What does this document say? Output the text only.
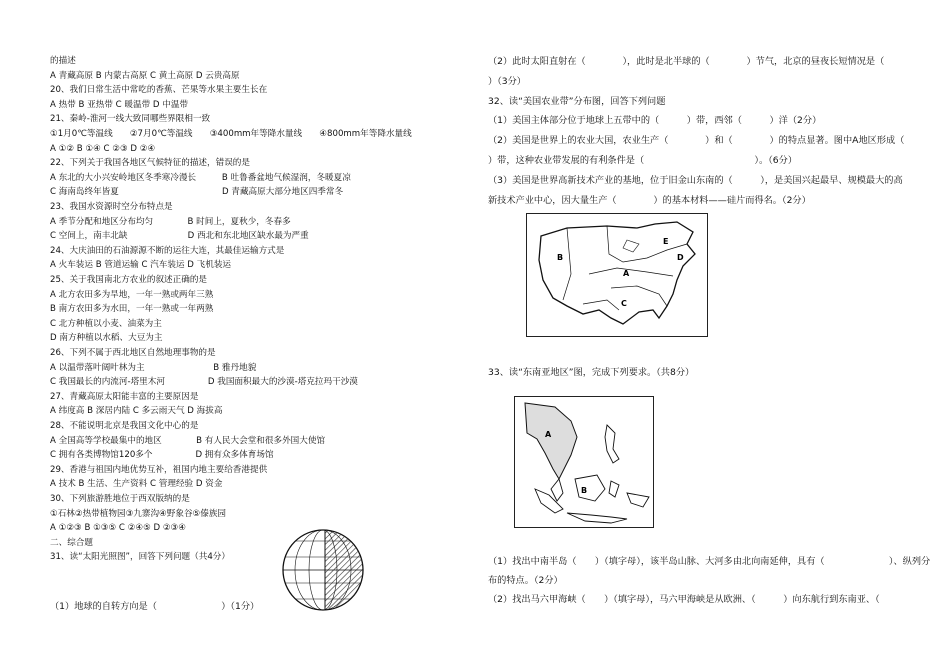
的描述
A 青藏高原 B 内蒙古高原 C 黄土高原 D 云贵高原
20、我们日常生活中常吃的香蕉、芒果等水果主要生长在
A 热带 B 亚热带 C 暖温带 D 中温带
21、秦岭-淮河一线大致同哪些界限相一致
①1月0℃等温线　　②7月0℃等温线　　③400mm年等降水量线　　④800mm年等降水量线
A ①② B ①④ C ②③ D ②④
22、下列关于我国各地区气候特征的描述，错误的是
A 东北的大小兴安岭地区冬季寒冷漫长　　　B 吐鲁番盆地气候湿润，冬暖夏凉
C 海南岛终年皆夏　　　　　　　　　　　　D 青藏高原大部分地区四季常冬
23、我国水资源时空分布特点是
A 季节分配和地区分布均匀　　　　B 时间上，夏秋少，冬春多
C 空间上，南丰北缺　　　　　　　D 西北和东北地区缺水最为严重
24、大庆油田的石油源源不断的运往大连，其最佳运输方式是
A 火车装运 B 管道运输 C 汽车装运 D 飞机装运
25、关于我国南北方农业的叙述正确的是
A 北方农田多为旱地，一年一熟或两年三熟
B 南方农田多为水田，一年一熟或一年两熟
C 北方种植以小麦、油菜为主
D 南方种植以水稻、大豆为主
26、下列不属于西北地区自然地理事物的是
A 以温带落叶阔叶林为主　　　　　　　　B 雅丹地貌
C 我国最长的内流河-塔里木河　　　　　D 我国面积最大的沙漠-塔克拉玛干沙漠
27、青藏高原太阳能丰富的主要原因是
A 纬度高 B 深居内陆 C 多云雨天气 D 海拔高
28、不能说明北京是我国文化中心的是
A 全国高等学校最集中的地区　　　　B 有人民大会堂和很多外国大使馆
C 拥有各类博物馆120多个　　　　　D 拥有众多体育场馆
29、香港与祖国内地优势互补，祖国内地主要给香港提供
A 技术 B 生活、生产资料 C 管理经验 D 资金
30、下列旅游胜地位于西双版纳的是
①石林②热带植物园③九寨沟④野象谷⑤傣族园
A ①②③ B ①③⑤ C ②④⑤ D ②③④
二、综合题
31、读“太阳光照图”，回答下列问题（共4分）
（1）地球的自转方向是（　　　　　　　）（1分）
（2）此时太阳直射在（　　　　），此时是北半球的（　　　　）节气，北京的昼夜长短情况是（
）（3分）
32、读“美国农业带”分布图，回答下列问题
（1）美国主体部分位于地球上五带中的（　　　）带，西邻（　　　）洋（2分）
（2）美国是世界上的农业大国，农业生产（　　　　）和（　　　　）的特点显著。图中A地区形成（
）带，这种农业带发展的有利条件是（　　　　　　　　　　　　）。（6分）
（3）美国是世界高新技术产业的基地，位于旧金山东南的（　　　），是美国兴起最早、规模最大的高
新技术产业中心，因大量生产（　　　　）的基本材料——硅片而得名。（2分）
B	D
A
C
E
A
B
33、读“东南亚地区”图，完成下列要求。（共8分）
（1）找出中南半岛（　　）（填字母），该半岛山脉、大河多由北向南延伸，具有（　　　　　　　）、纵列分
布的特点。（2分）
（2）找出马六甲海峡（　　）（填字母），马六甲海峡是从欧洲、（　　　）向东航行到东南亚、（
